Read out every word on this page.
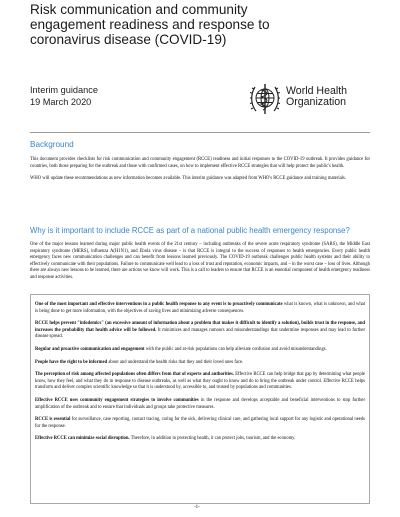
Risk communication and community engagement readiness and response to coronavirus disease (COVID-19)
Interim guidance
19 March 2020
World Health
Organization
Background

This document provides checklists for risk communication and community engagement (RCCE) readiness and initial responses to the COVID-19 outbreak. It provides guidance for countries, both those preparing for the outbreak and those with confirmed cases, on how to implement effective RCCE strategies that will help protect the public's health.

WHO will update these recommendations as new information becomes available. This interim guidance was adapted from WHO's RCCE guidance and training materials.

Why is it important to include RCCE as part of a national public health emergency response?

One of the major lessons learned during major public health events of the 21st century – including outbreaks of the severe acute respiratory syndrome (SARS), the Middle East respiratory syndrome (MERS), influenza A(H1N1), and Ebola virus disease – is that RCCE is integral to the success of responses to health emergencies. Every public health emergency faces new communication challenges and can benefit from lessons learned previously. The COVID-19 outbreak challenges public health systems and their ability to effectively communicate with their populations. Failure to communicate well lead to a loss of trust and reputation, economic impacts, and – in the worst case – loss of lives. Although there are always new lessons to be learned, there are actions we know will work. This is a call to leaders to ensure that RCCE is an essential component of health emergency readiness and response activities.

One of the most important and effective interventions in a public health response to any event is to proactively communicate what is known, what is unknown, and what is being done to get more information, with the objectives of saving lives and minimizing adverse consequences.

RCCE helps prevent "infodemics" (an excessive amount of information about a problem that makes it difficult to identify a solution), builds trust in the response, and increases the probability that health advice will be followed. It minimizes and manages rumours and misunderstandings that undermine responses and may lead to further disease spread.

Regular and proactive communication and engagement with the public and at-risk populations can help alleviate confusion and avoid misunderstandings.

People have the right to be informed about and understand the health risks that they and their loved ones face.

The perception of risk among affected populations often differs from that of experts and authorities. Effective RCCE can help bridge that gap by determining what people know, how they feel, and what they do in response to disease outbreaks, as well as what they ought to know and do to bring the outbreak under control. Effective RCCE helps transform and deliver complex scientific knowledge so that it is understood by, accessible to, and trusted by populations and communities.

Effective RCCE uses community engagement strategies to involve communities in the response and develops acceptable and beneficial interventions to stop further amplification of the outbreak and to ensure that individuals and groups take protective measures.

RCCE is essential for surveillance, case reporting, contact tracing, caring for the sick, delivering clinical care, and gathering local support for any logistic and operational needs for the response.

Effective RCCE can minimize social disruption. Therefore, in addition to protecting health, it can protect jobs, tourism, and the economy.

-1-
